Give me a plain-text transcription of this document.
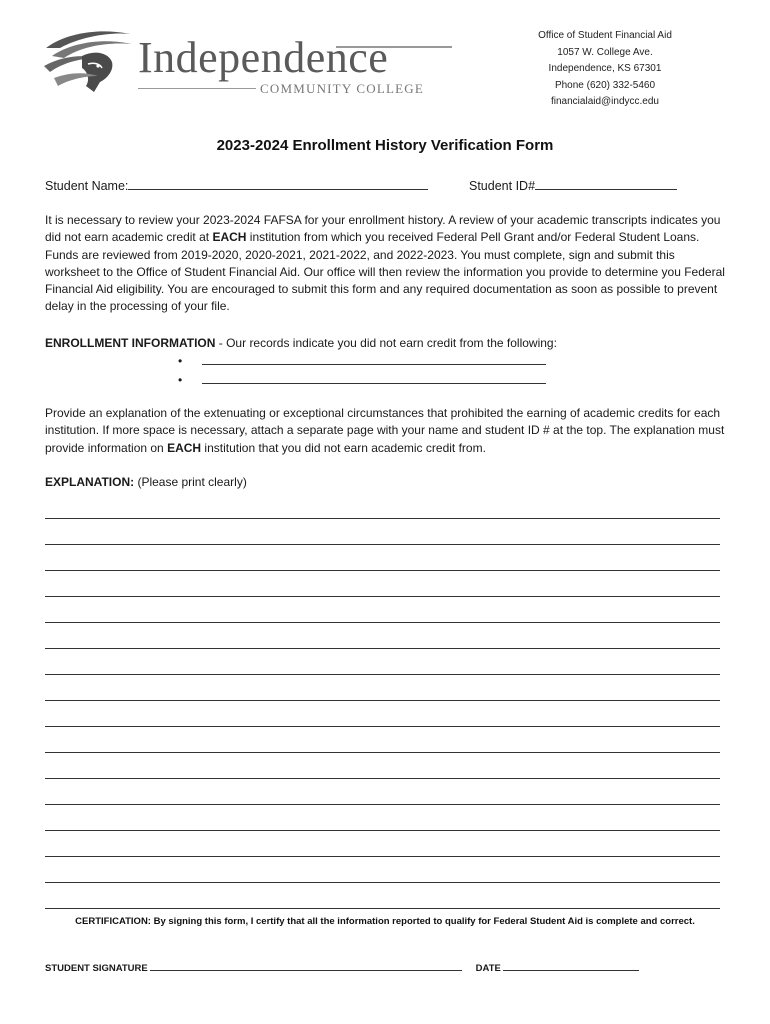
Independence
COMMUNITY COLLEGE
Office of Student Financial Aid
1057 W. College Ave.
Independence, KS 67301
Phone (620) 332-5460
financialaid@indycc.edu
2023-2024 Enrollment History Verification Form
Student Name:	Student ID#
It is necessary to review your 2023-2024 FAFSA for your enrollment history. A review of your academic transcripts indicates you did not earn academic credit at EACH institution from which you received Federal Pell Grant and/or Federal Student Loans. Funds are reviewed from 2019-2020, 2020-2021, 2021-2022, and 2022-2023. You must complete, sign and submit this worksheet to the Office of Student Financial Aid. Our office will then review the information you provide to determine you Federal Financial Aid eligibility. You are encouraged to submit this form and any required documentation as soon as possible to prevent delay in the processing of your file.
ENROLLMENT INFORMATION - Our records indicate you did not earn credit from the following:
•
•
Provide an explanation of the extenuating or exceptional circumstances that prohibited the earning of academic credits for each institution. If more space is necessary, attach a separate page with your name and student ID # at the top. The explanation must provide information on EACH institution that you did not earn academic credit from.
EXPLANATION: (Please print clearly)
CERTIFICATION: By signing this form, I certify that all the information reported to qualify for Federal Student Aid is complete and correct.
STUDENT SIGNATURE	DATE
